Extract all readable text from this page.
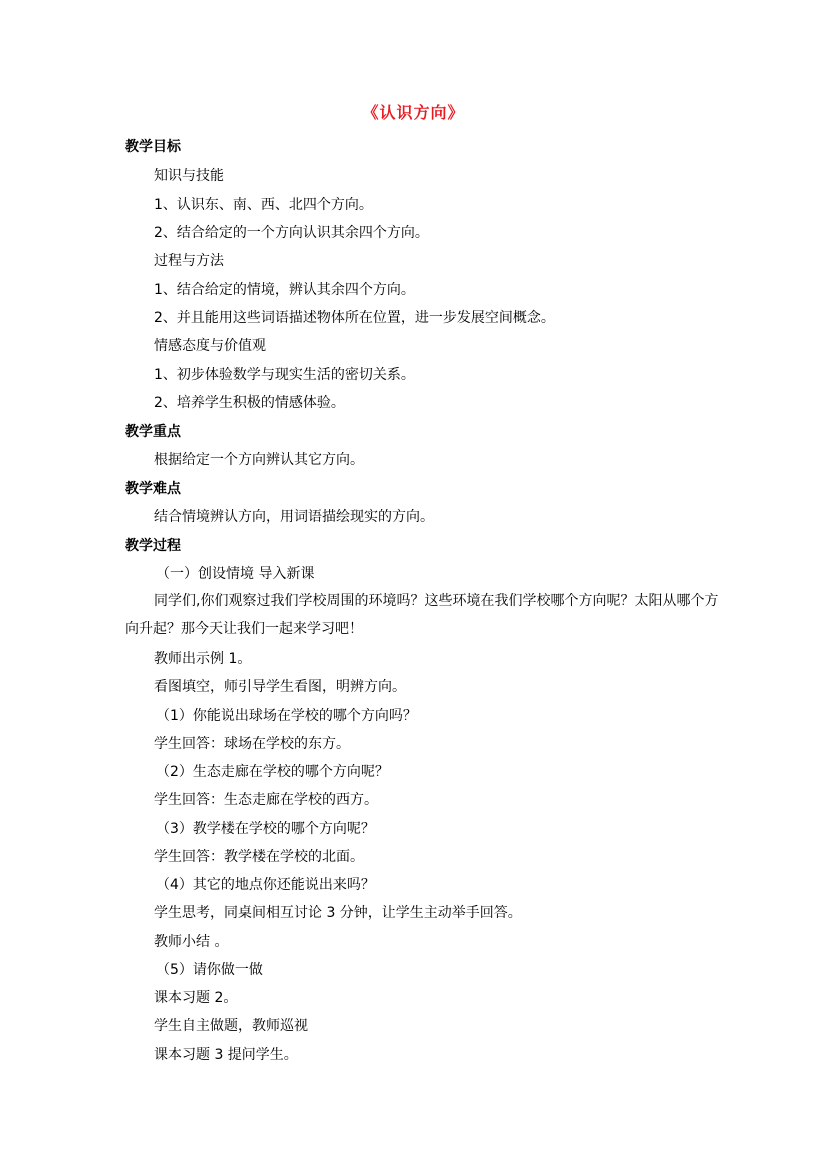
《认识方向》
教学目标
知识与技能
1、认识东、南、西、北四个方向。
2、结合给定的一个方向认识其余四个方向。
过程与方法
1、结合给定的情境，辨认其余四个方向。
2、并且能用这些词语描述物体所在位置，进一步发展空间概念。
情感态度与价值观
1、初步体验数学与现实生活的密切关系。
2、培养学生积极的情感体验。
教学重点
根据给定一个方向辨认其它方向。
教学难点
结合情境辨认方向，用词语描绘现实的方向。
教学过程
（一）创设情境 导入新课
同学们,你们观察过我们学校周围的环境吗？这些环境在我们学校哪个方向呢？太阳从哪个方向升起？那今天让我们一起来学习吧！
教师出示例 1。
看图填空，师引导学生看图，明辨方向。
（1）你能说出球场在学校的哪个方向吗？
学生回答：球场在学校的东方。
（2）生态走廊在学校的哪个方向呢？
学生回答：生态走廊在学校的西方。
（3）教学楼在学校的哪个方向呢？
学生回答：教学楼在学校的北面。
（4）其它的地点你还能说出来吗？
学生思考，同桌间相互讨论 3 分钟，让学生主动举手回答。
教师小结 。
（5）请你做一做
课本习题 2。
学生自主做题，教师巡视
课本习题 3 提问学生。
